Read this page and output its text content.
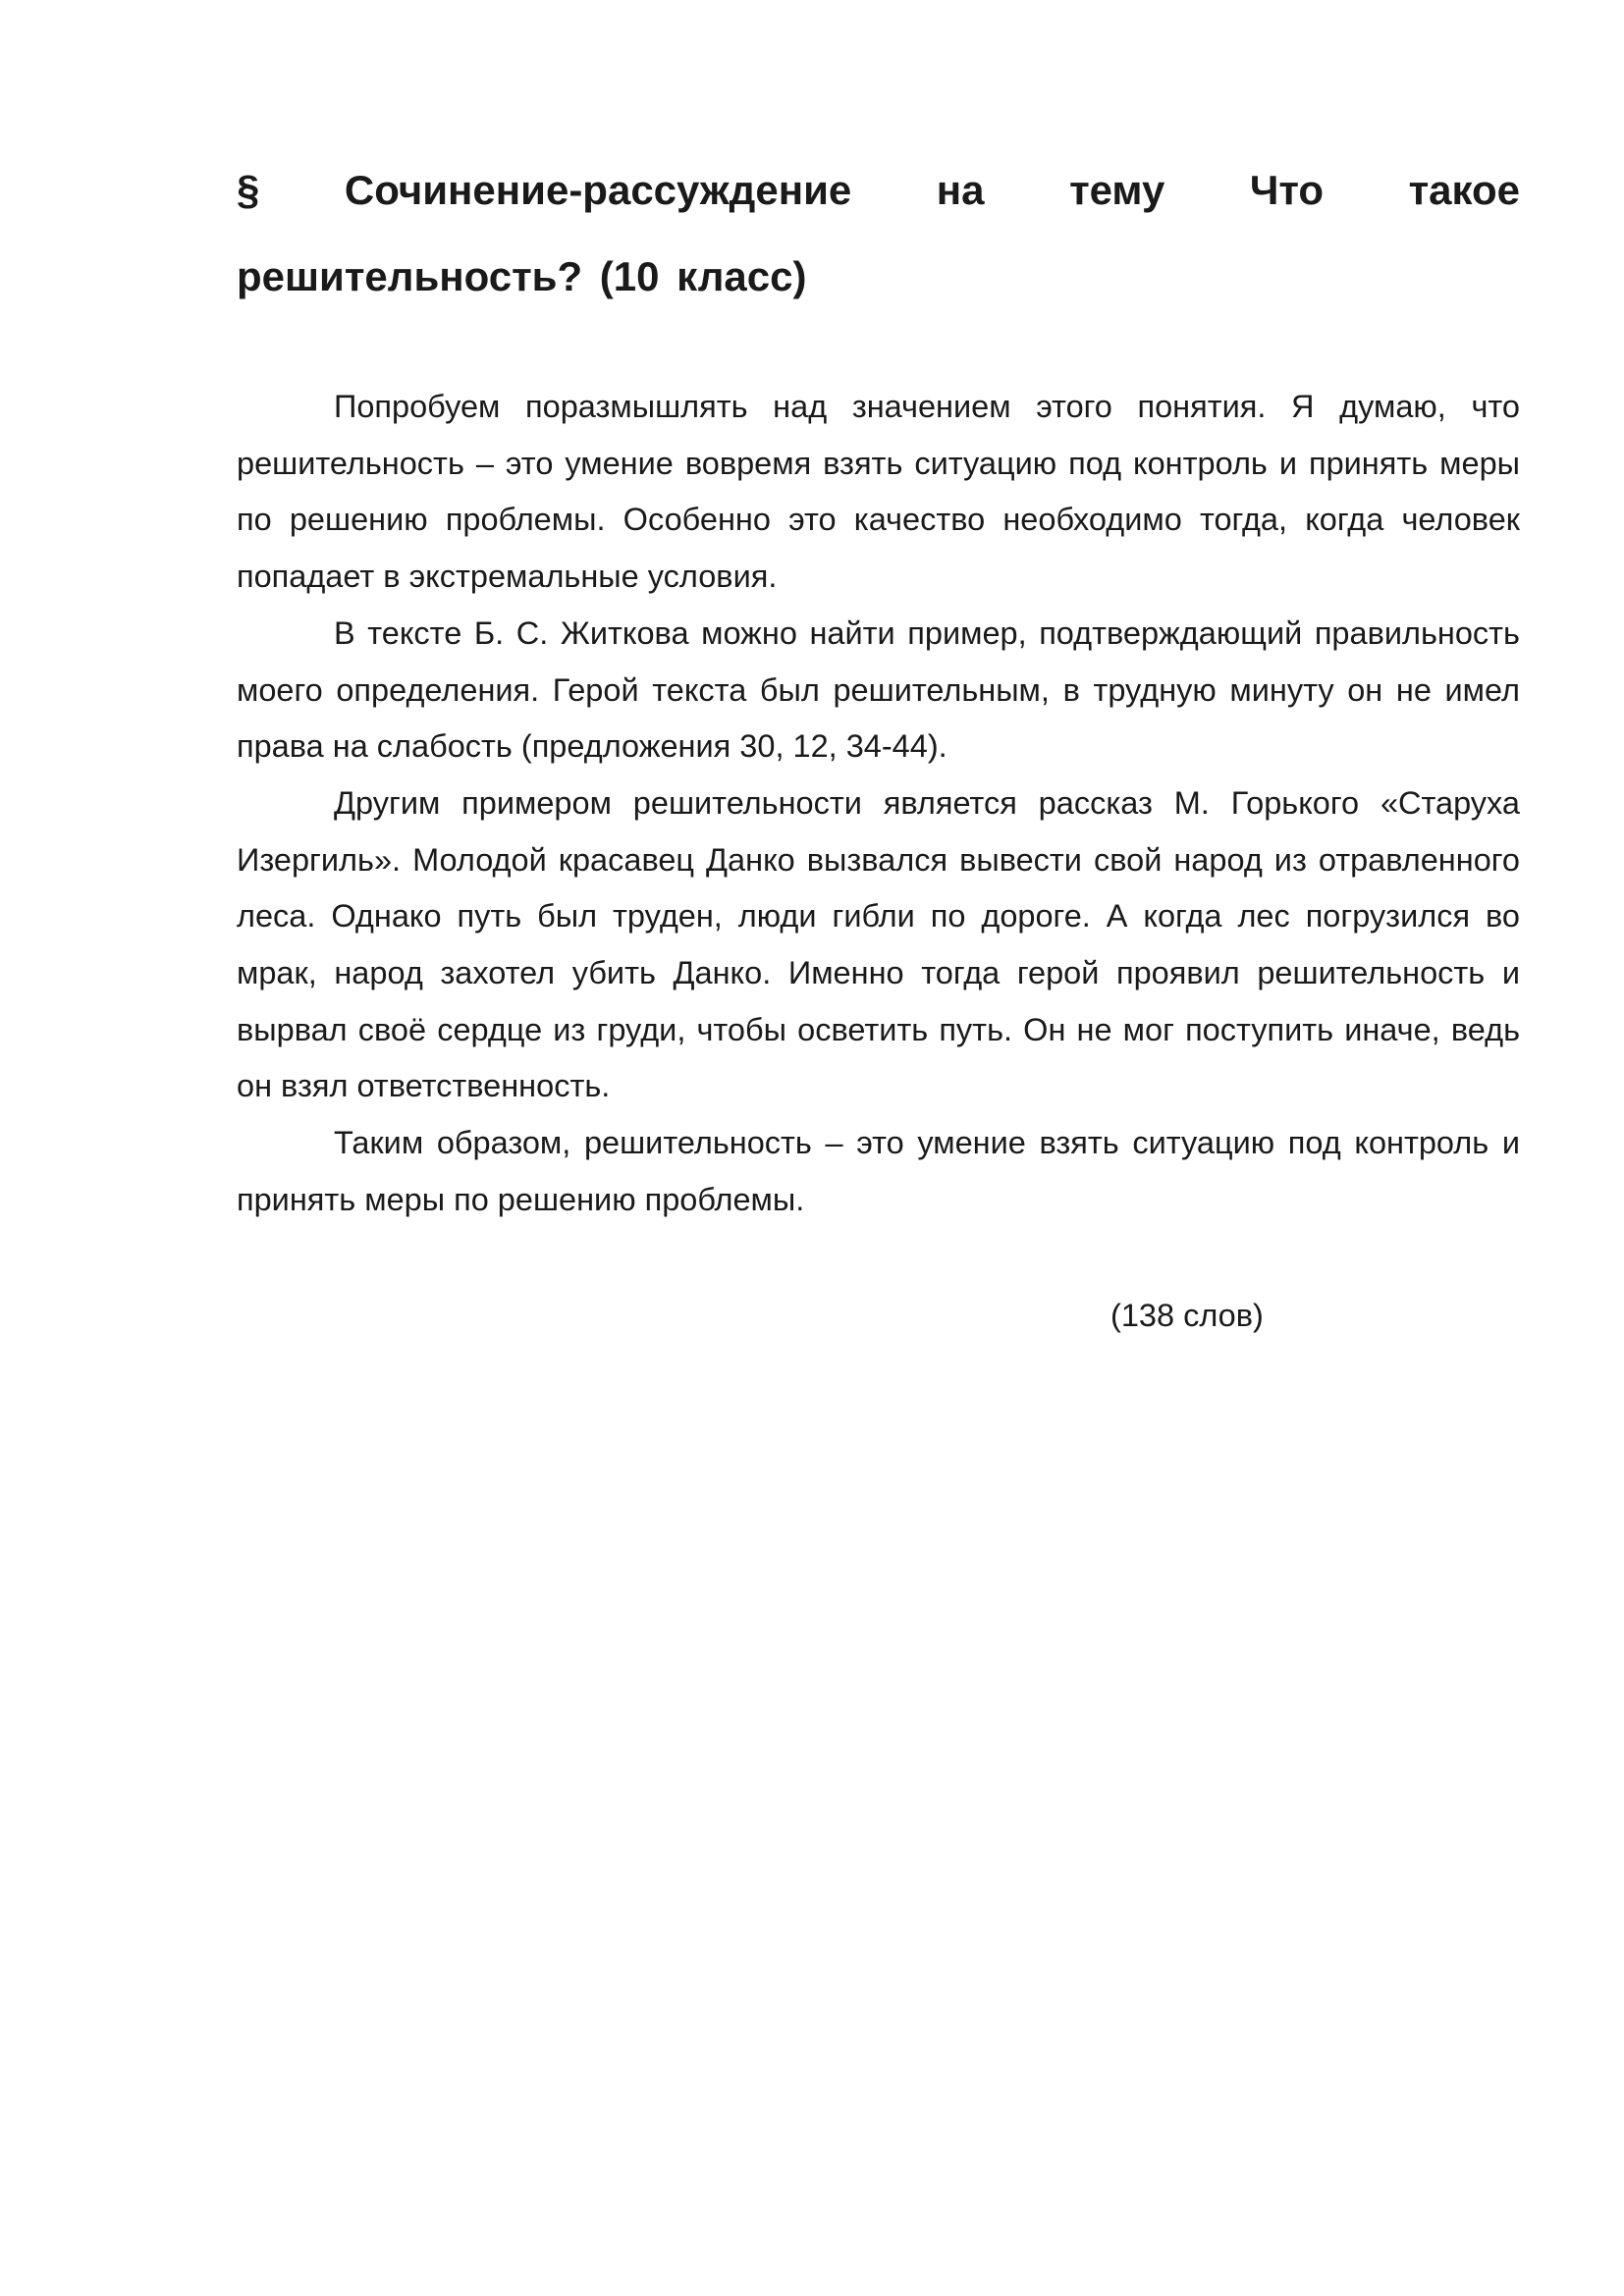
§ Сочинение-рассуждение на тему Что такое решительность? (10 класс)

Попробуем поразмышлять над значением этого понятия. Я думаю, что решительность – это умение вовремя взять ситуацию под контроль и принять меры по решению проблемы. Особенно это качество необходимо тогда, когда человек попадает в экстремальные условия.

В тексте Б. С. Житкова можно найти пример, подтверждающий правильность моего определения. Герой текста был решительным, в трудную минуту он не имел права на слабость (предложения 30, 12, 34-44).

Другим примером решительности является рассказ М. Горького «Старуха Изергиль». Молодой красавец Данко вызвался вывести свой народ из отравленного леса. Однако путь был труден, люди гибли по дороге. А когда лес погрузился во мрак, народ захотел убить Данко. Именно тогда герой проявил решительность и вырвал своё сердце из груди, чтобы осветить путь. Он не мог поступить иначе, ведь он взял ответственность.

Таким образом, решительность – это умение взять ситуацию под контроль и принять меры по решению проблемы.

(138 слов)
